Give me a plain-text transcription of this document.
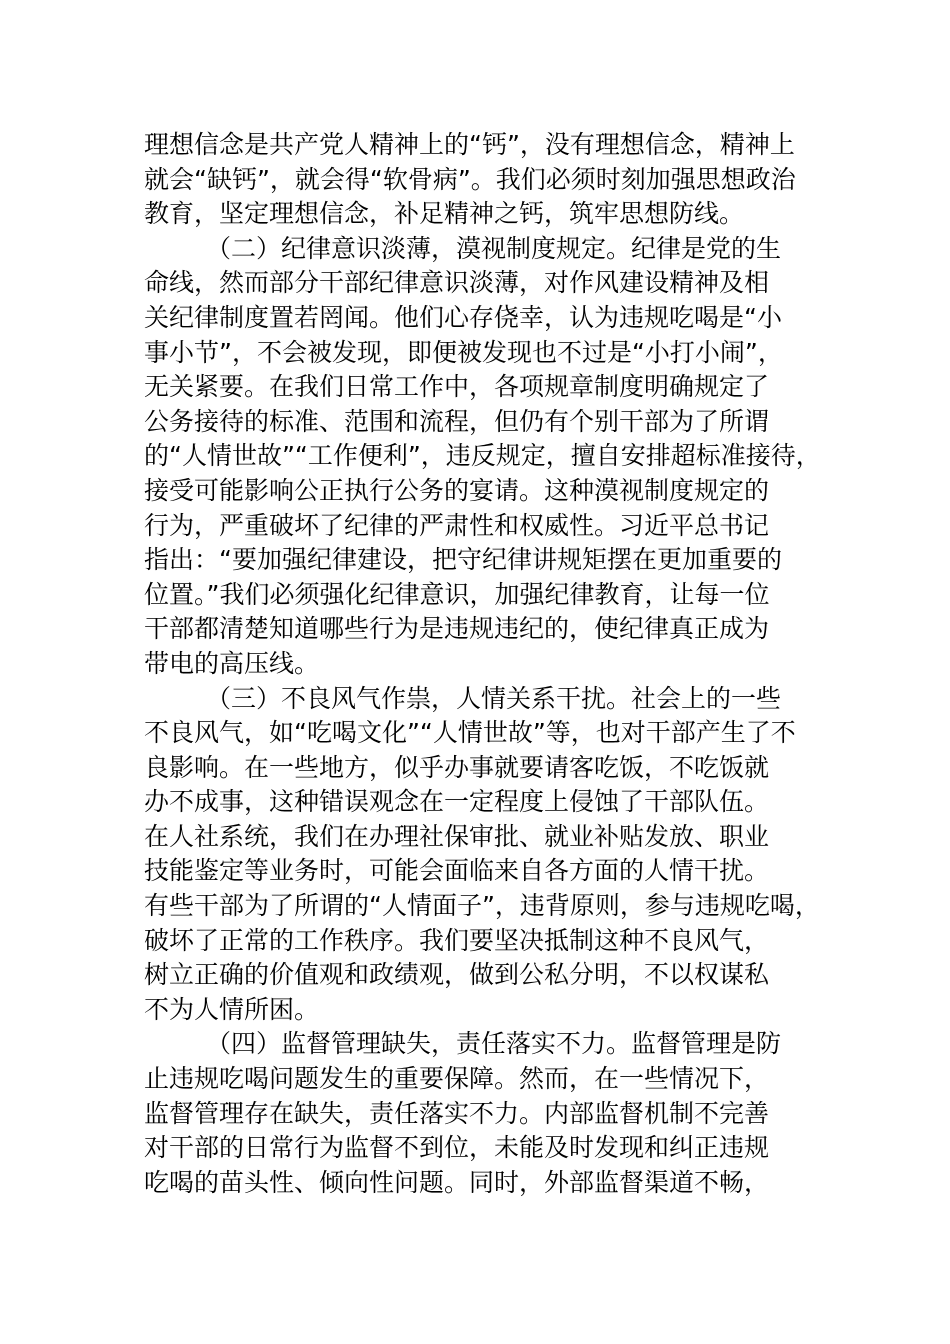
理想信念是共产党人精神上的“钙”，没有理想信念，精神上
就会“缺钙”，就会得“软骨病”。我们必须时刻加强思想政治
教育，坚定理想信念，补足精神之钙，筑牢思想防线。
（二）纪律意识淡薄，漠视制度规定。纪律是党的生
命线，然而部分干部纪律意识淡薄，对作风建设精神及相
关纪律制度置若罔闻。他们心存侥幸，认为违规吃喝是“小
事小节”，不会被发现，即便被发现也不过是“小打小闹”，
无关紧要。在我们日常工作中，各项规章制度明确规定了
公务接待的标准、范围和流程，但仍有个别干部为了所谓
的“人情世故”“工作便利”，违反规定，擅自安排超标准接待，
接受可能影响公正执行公务的宴请。这种漠视制度规定的
行为，严重破坏了纪律的严肃性和权威性。习近平总书记
指出：“要加强纪律建设，把守纪律讲规矩摆在更加重要的
位置。”我们必须强化纪律意识，加强纪律教育，让每一位
干部都清楚知道哪些行为是违规违纪的，使纪律真正成为
带电的高压线。
（三）不良风气作祟，人情关系干扰。社会上的一些
不良风气，如“吃喝文化”“人情世故”等，也对干部产生了不
良影响。在一些地方，似乎办事就要请客吃饭，不吃饭就
办不成事，这种错误观念在一定程度上侵蚀了干部队伍。
在人社系统，我们在办理社保审批、就业补贴发放、职业
技能鉴定等业务时，可能会面临来自各方面的人情干扰。
有些干部为了所谓的“人情面子”，违背原则，参与违规吃喝，
破坏了正常的工作秩序。我们要坚决抵制这种不良风气，
树立正确的价值观和政绩观，做到公私分明，不以权谋私
不为人情所困。
（四）监督管理缺失，责任落实不力。监督管理是防
止违规吃喝问题发生的重要保障。然而，在一些情况下，
监督管理存在缺失，责任落实不力。内部监督机制不完善
对干部的日常行为监督不到位，未能及时发现和纠正违规
吃喝的苗头性、倾向性问题。同时，外部监督渠道不畅，
